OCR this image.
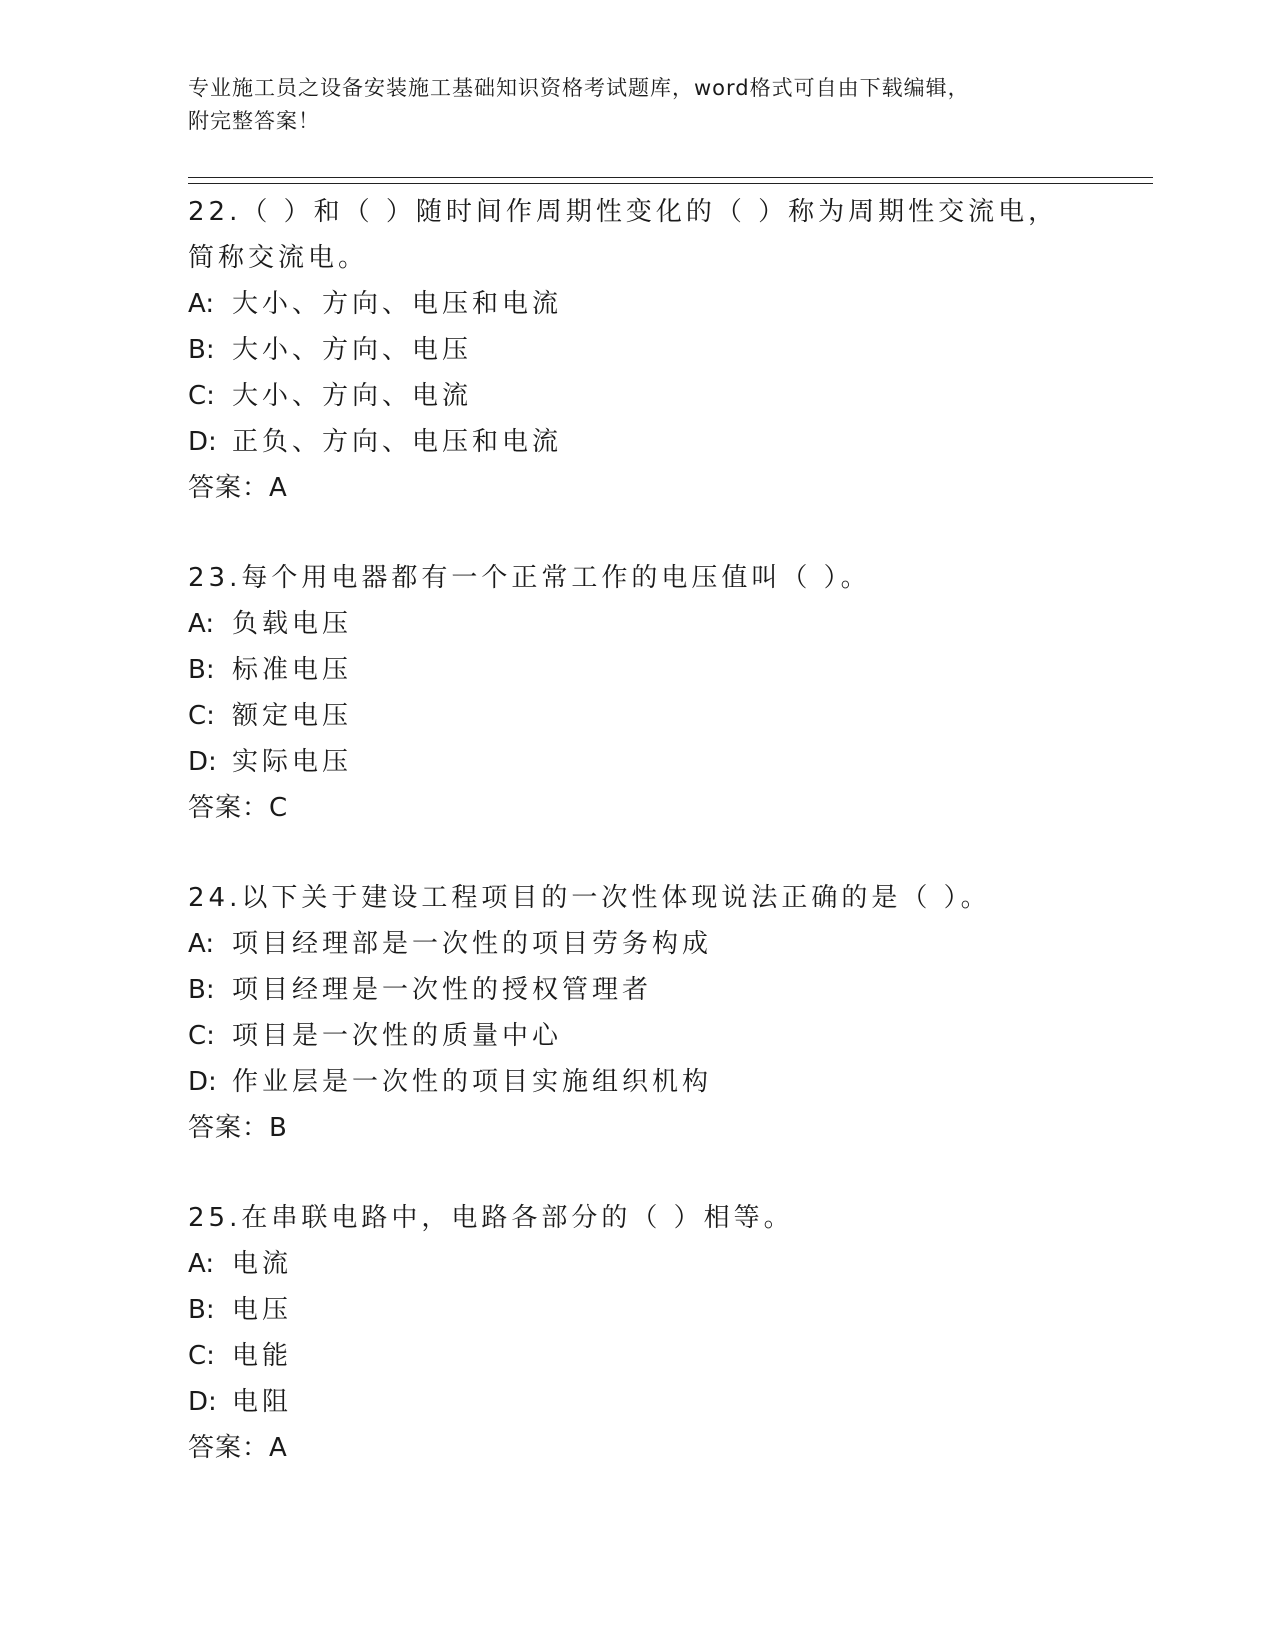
专业施工员之设备安装施工基础知识资格考试题库，word格式可自由下载编辑，
附完整答案！
22.（ ）和（ ）随时间作周期性变化的（ ）称为周期性交流电，简称交流电。
A: 大小、方向、电压和电流
B: 大小、方向、电压
C: 大小、方向、电流
D: 正负、方向、电压和电流
答案：A
23.每个用电器都有一个正常工作的电压值叫（ ）。
A: 负载电压
B: 标准电压
C: 额定电压
D: 实际电压
答案：C
24.以下关于建设工程项目的一次性体现说法正确的是（ ）。
A: 项目经理部是一次性的项目劳务构成
B: 项目经理是一次性的授权管理者
C: 项目是一次性的质量中心
D: 作业层是一次性的项目实施组织机构
答案：B
25.在串联电路中，电路各部分的（ ）相等。
A: 电流
B: 电压
C: 电能
D: 电阻
答案：A
